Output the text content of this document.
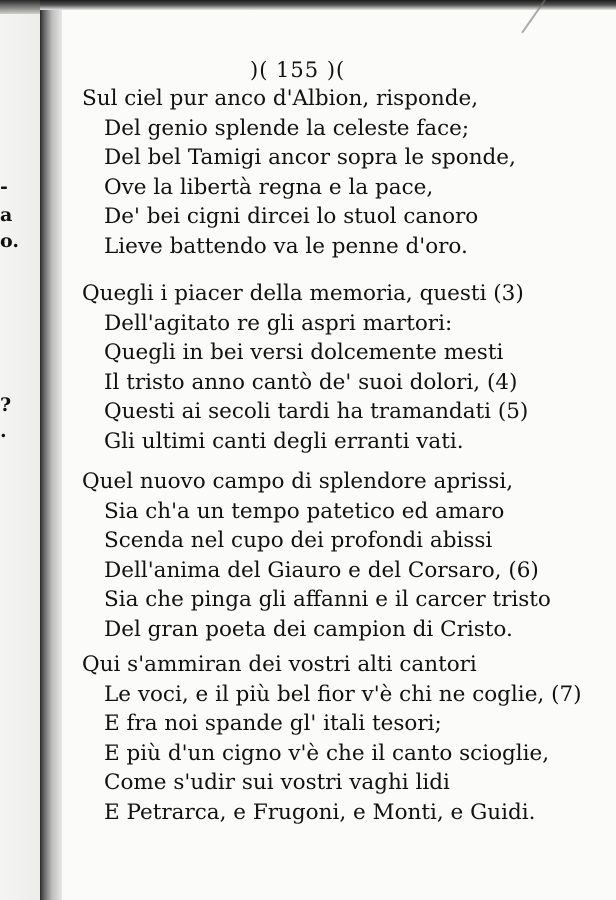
-
a
o.
?
.
)( 155 )(
Sul ciel pur anco d'Albion, risponde,
Del genio splende la celeste face;
Del bel Tamigi ancor sopra le sponde,
Ove la libertà regna e la pace,
De' bei cigni dircei lo stuol canoro
Lieve battendo va le penne d'oro.
Quegli i piacer della memoria, questi (3)
Dell'agitato re gli aspri martori:
Quegli in bei versi dolcemente mesti
Il tristo anno cantò de' suoi dolori, (4)
Questi ai secoli tardi ha tramandati (5)
Gli ultimi canti degli erranti vati.
Quel nuovo campo di splendore aprissi,
Sia ch'a un tempo patetico ed amaro
Scenda nel cupo dei profondi abissi
Dell'anima del Giauro e del Corsaro, (6)
Sia che pinga gli affanni e il carcer tristo
Del gran poeta dei campion di Cristo.
Qui s'ammiran dei vostri alti cantori
Le voci, e il più bel fior v'è chi ne coglie, (7)
E fra noi spande gl' itali tesori;
E più d'un cigno v'è che il canto scioglie,
Come s'udir sui vostri vaghi lidi
E Petrarca, e Frugoni, e Monti, e Guidi.
